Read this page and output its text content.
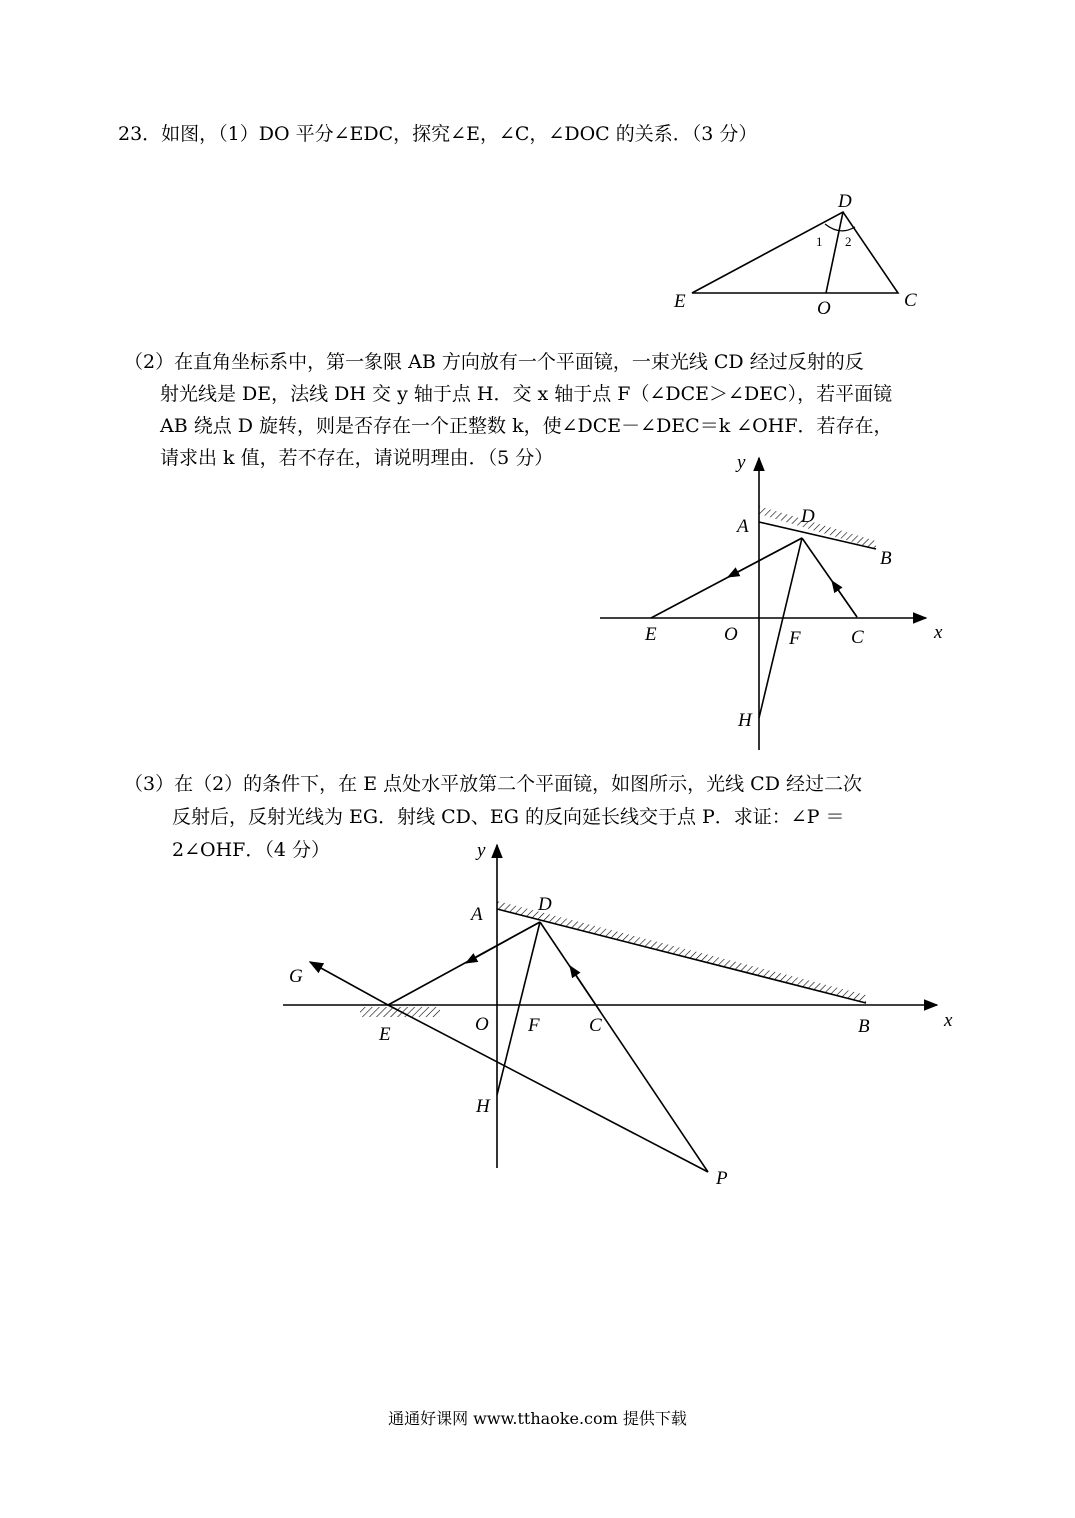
23．如图，（1）DO 平分∠EDC，探究∠E，∠C，∠DOC 的关系．（3 分）
（2）在直角坐标系中，第一象限 AB 方向放有一个平面镜，一束光线 CD 经过反射的反
射光线是 DE，法线 DH 交 y 轴于点 H．交 x 轴于点 F（∠DCE＞∠DEC），若平面镜
AB 绕点 D 旋转，则是否存在一个正整数 k，使∠DCE－∠DEC＝k ∠OHF．若存在，
请求出 k 值，若不存在，请说明理由．（5 分）
（3）在（2）的条件下，在 E 点处水平放第二个平面镜，如图所示，光线 CD 经过二次
反射后，反射光线为 EG．射线 CD、EG 的反向延长线交于点 P．求证：∠P ＝
2∠OHF．（4 分）
D
E	O	C
1 2
y
x
A	D
B
E	O	F	C
H
y
x
A	D
G
E	O F	C	B
H
P
通通好课网 www.tthaoke.com 提供下载
